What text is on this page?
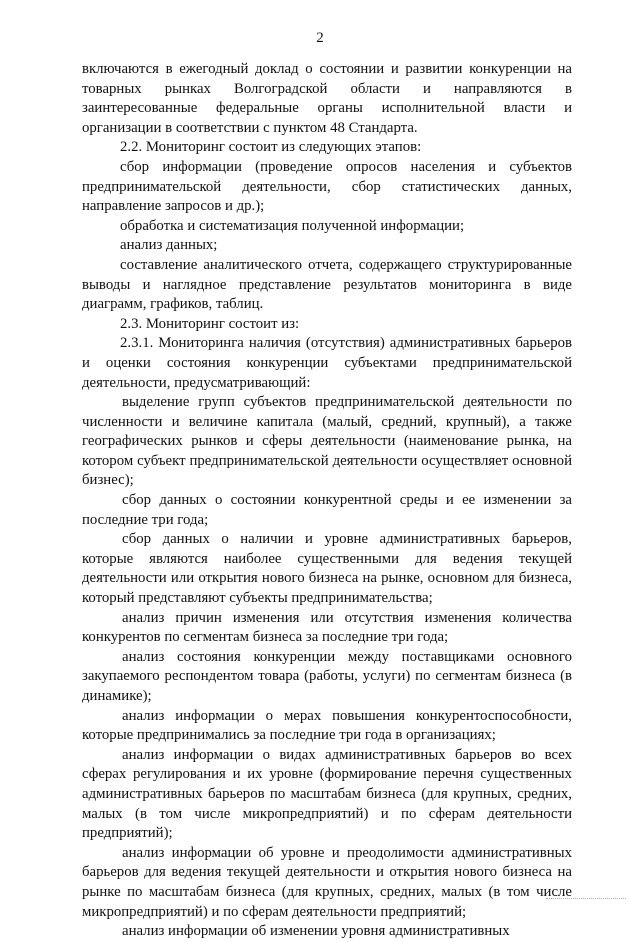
2

включаются в ежегодный доклад о состоянии и развитии конкуренции на товарных рынках Волгоградской области и направляются в заинтересованные федеральные органы исполнительной власти и организации в соответствии с пунктом 48 Стандарта.

2.2. Мониторинг состоит из следующих этапов:

сбор информации (проведение опросов населения и субъектов предпринимательской деятельности, сбор статистических данных, направление запросов и др.);

обработка и систематизация полученной информации;

анализ данных;

составление аналитического отчета, содержащего структурированные выводы и наглядное представление результатов мониторинга в виде диаграмм, графиков, таблиц.

2.3. Мониторинг состоит из:

2.3.1. Мониторинга наличия (отсутствия) административных барьеров и оценки состояния конкуренции субъектами предпринимательской деятельности, предусматривающий:

выделение групп субъектов предпринимательской деятельности по численности и величине капитала (малый, средний, крупный), а также географических рынков и сферы деятельности (наименование рынка, на котором субъект предпринимательской деятельности осуществляет основной бизнес);

сбор данных о состоянии конкурентной среды и ее изменении за последние три года;

сбор данных о наличии и уровне административных барьеров, которые являются наиболее существенными для ведения текущей деятельности или открытия нового бизнеса на рынке, основном для бизнеса, который представляют субъекты предпринимательства;

анализ причин изменения или отсутствия изменения количества конкурентов по сегментам бизнеса за последние три года;

анализ состояния конкуренции между поставщиками основного закупаемого респондентом товара (работы, услуги) по сегментам бизнеса (в динамике);

анализ информации о мерах повышения конкурентоспособности, которые предпринимались за последние три года в организациях;

анализ информации о видах административных барьеров во всех сферах регулирования и их уровне (формирование перечня существенных административных барьеров по масштабам бизнеса (для крупных, средних, малых (в том числе микропредприятий) и по сферам деятельности предприятий);

анализ информации об уровне и преодолимости административных барьеров для ведения текущей деятельности и открытия нового бизнеса на рынке по масштабам бизнеса (для крупных, средних, малых (в том числе микропредприятий) и по сферам деятельности предприятий;

анализ информации об изменении уровня административных
